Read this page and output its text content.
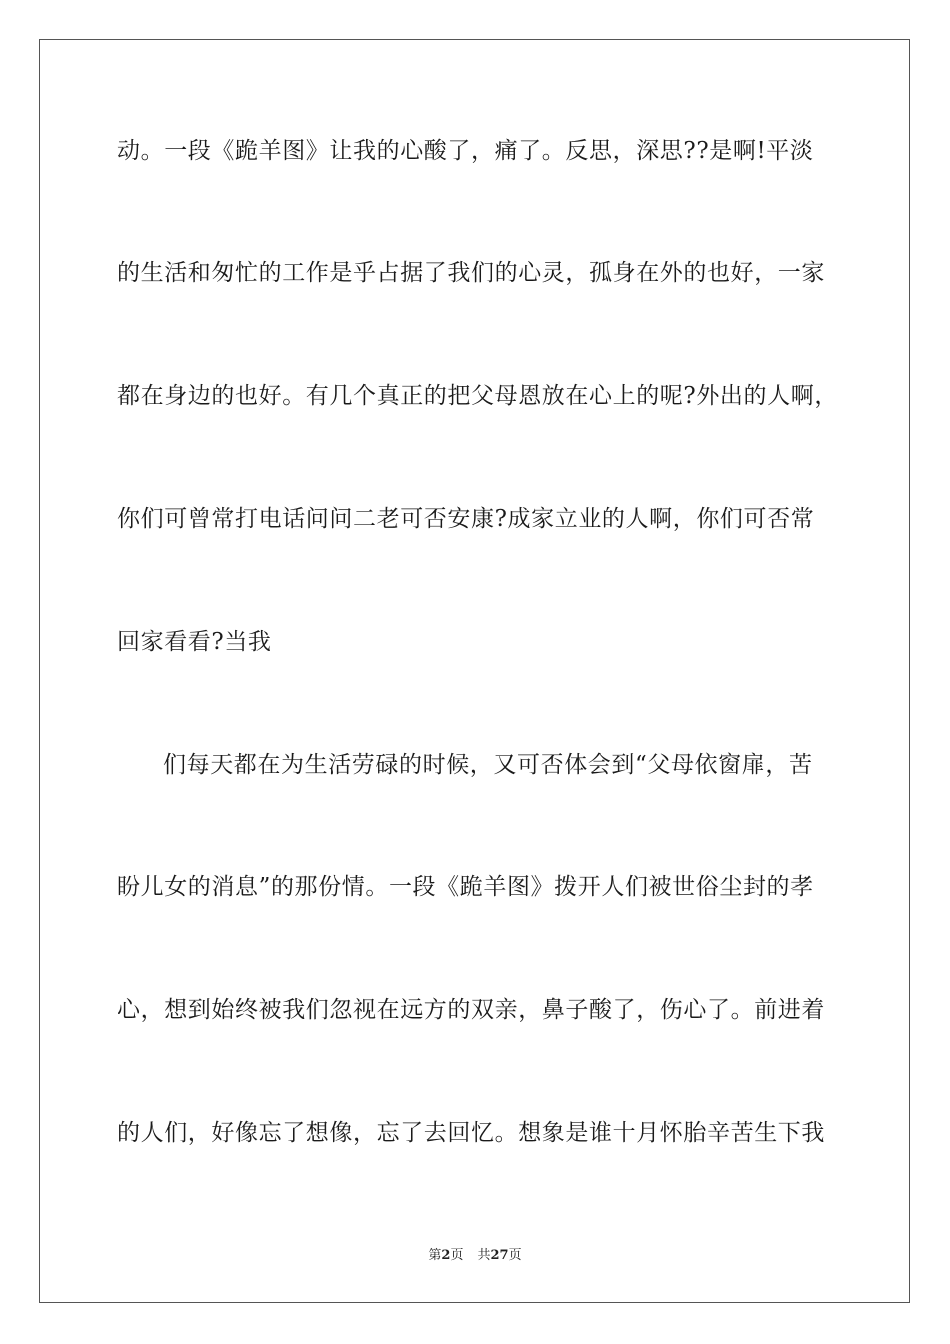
动。一段《跪羊图》让我的心酸了，痛了。反思，深思??是啊!平淡
的生活和匆忙的工作是乎占据了我们的心灵，孤身在外的也好，一家
都在身边的也好。有几个真正的把父母恩放在心上的呢?外出的人啊，
你们可曾常打电话问问二老可否安康?成家立业的人啊，你们可否常
回家看看?当我
们每天都在为生活劳碌的时候，又可否体会到“父母依窗扉，苦
盼儿女的消息”的那份情。一段《跪羊图》拨开人们被世俗尘封的孝
心，想到始终被我们忽视在远方的双亲，鼻子酸了，伤心了。前进着
的人们，好像忘了想像，忘了去回忆。想象是谁十月怀胎辛苦生下我
第2页 共27页
